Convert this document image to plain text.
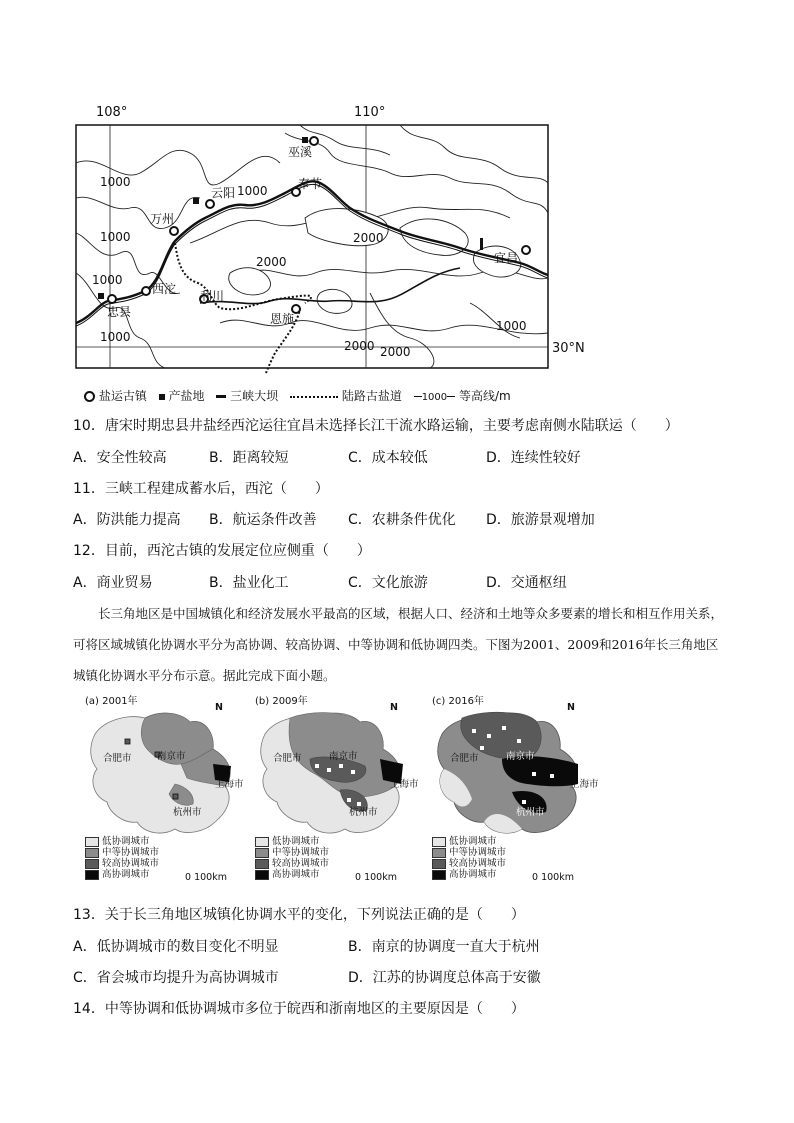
108°	110°
巫溪
奉节
云阳 1000
万州
西沱 利川
恩施
忠县
宜昌
1000
1000
1000
1000
1000
2000
2000
2000 2000	30°N
盐运古镇 产盐地 三峡大坝	陆路古盐道 1000 等高线/m
10．唐宋时期忠县井盐经西沱运往宜昌未选择长江干流水路运输，主要考虑南侧水陆联运（　　）
A．安全性较高	B．距离较短	C．成本较低	D．连续性较好
11．三峡工程建成蓄水后，西沱（　　）
A．防洪能力提高 B．航运条件改善 C．农耕条件优化 D．旅游景观增加
12．目前，西沱古镇的发展定位应侧重（　　）
A．商业贸易	B．盐业化工	C．文化旅游	D．交通枢纽
长三角地区是中国城镇化和经济发展水平最高的区域，根据人口、经济和土地等众多要素的增长和相互作用关系，可将区域城镇化协调水平分为高协调、较高协调、中等协调和低协调四类。下图为2001、2009和2016年长三角地区城镇化协调水平分布示意。据此完成下面小题。
(a) 2001年
合肥市	南京市
上海市
杭州市
N
0 100km
低协调城市
中等协调城市
较高协调城市
高协调城市
(b) 2009年
合肥市	南京市
上海市
杭州市
N
0 100km
低协调城市
中等协调城市
较高协调城市
高协调城市
(c) 2016年
合肥市	南京市
上海市
杭州市
N
0 100km
低协调城市
中等协调城市
较高协调城市
高协调城市
13．关于长三角地区城镇化协调水平的变化，下列说法正确的是（　　）
A．低协调城市的数目变化不明显	B．南京的协调度一直大于杭州
C．省会城市均提升为高协调城市	D．江苏的协调度总体高于安徽
14．中等协调和低协调城市多位于皖西和浙南地区的主要原因是（　　）
